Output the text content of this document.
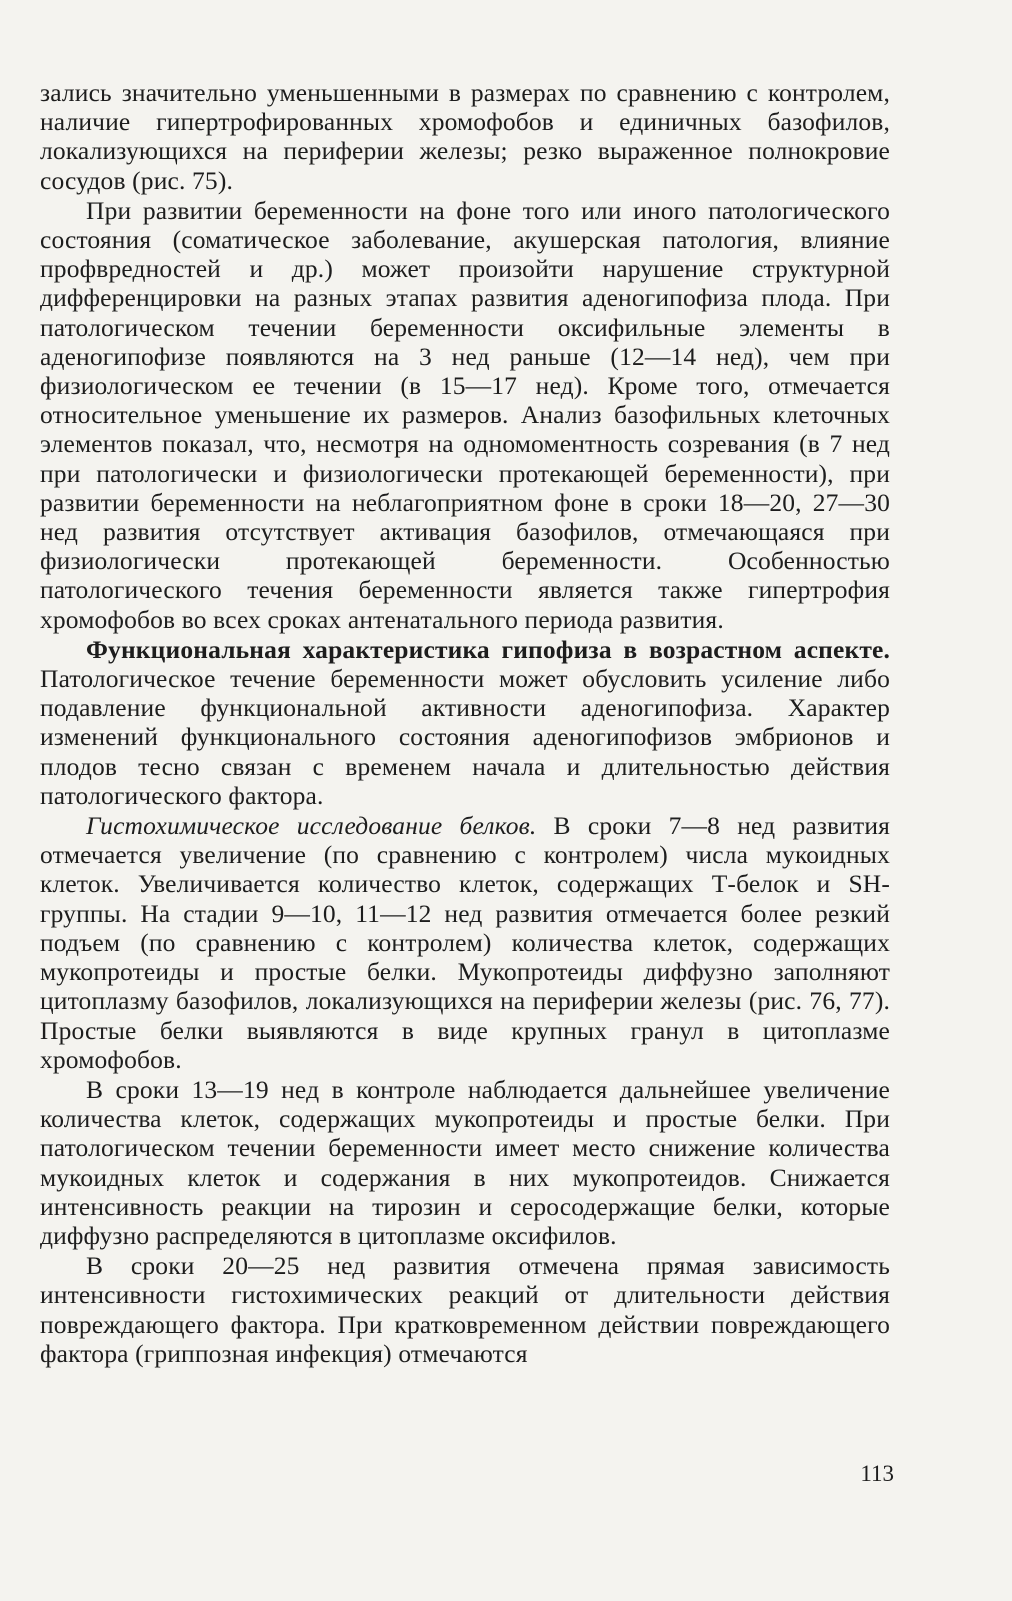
зались значительно уменьшенными в размерах по сравнению с контролем, наличие гипертрофированных хромофобов и единичных базофилов, локализующихся на периферии железы; резко выраженное полнокровие сосудов (рис. 75).

При развитии беременности на фоне того или иного патологического состояния (соматическое заболевание, акушерская патология, влияние профвредностей и др.) может произойти нарушение структурной дифференцировки на разных этапах развития аденогипофиза плода. При патологическом течении беременности оксифильные элементы в аденогипофизе появляются на 3 нед раньше (12—14 нед), чем при физиологическом ее течении (в 15—17 нед). Кроме того, отмечается относительное уменьшение их размеров. Анализ базофильных клеточных элементов показал, что, несмотря на одномоментность созревания (в 7 нед при патологически и физиологически протекающей беременности), при развитии беременности на неблагоприятном фоне в сроки 18—20, 27—30 нед развития отсутствует активация базофилов, отмечающаяся при физиологически протекающей беременности. Особенностью патологического течения беременности является также гипертрофия хромофобов во всех сроках антенатального периода развития.

Функциональная характеристика гипофиза в возрастном аспекте. Патологическое течение беременности может обусловить усиление либо подавление функциональной активности аденогипофиза. Характер изменений функционального состояния аденогипофизов эмбрионов и плодов тесно связан с временем начала и длительностью действия патологического фактора.

Гистохимическое исследование белков. В сроки 7—8 нед развития отмечается увеличение (по сравнению с контролем) числа мукоидных клеток. Увеличивается количество клеток, содержащих Т-белок и SH-группы. На стадии 9—10, 11—12 нед развития отмечается более резкий подъем (по сравнению с контролем) количества клеток, содержащих мукопротеиды и простые белки. Мукопротеиды диффузно заполняют цитоплазму базофилов, локализующихся на периферии железы (рис. 76, 77). Простые белки выявляются в виде крупных гранул в цитоплазме хромофобов.

В сроки 13—19 нед в контроле наблюдается дальнейшее увеличение количества клеток, содержащих мукопротеиды и простые белки. При патологическом течении беременности имеет место снижение количества мукоидных клеток и содержания в них мукопротеидов. Снижается интенсивность реакции на тирозин и серосодержащие белки, которые диффузно распределяются в цитоплазме оксифилов.

В сроки 20—25 нед развития отмечена прямая зависимость интенсивности гистохимических реакций от длительности действия повреждающего фактора. При кратковременном действии повреждающего фактора (гриппозная инфекция) отмечаются

113
